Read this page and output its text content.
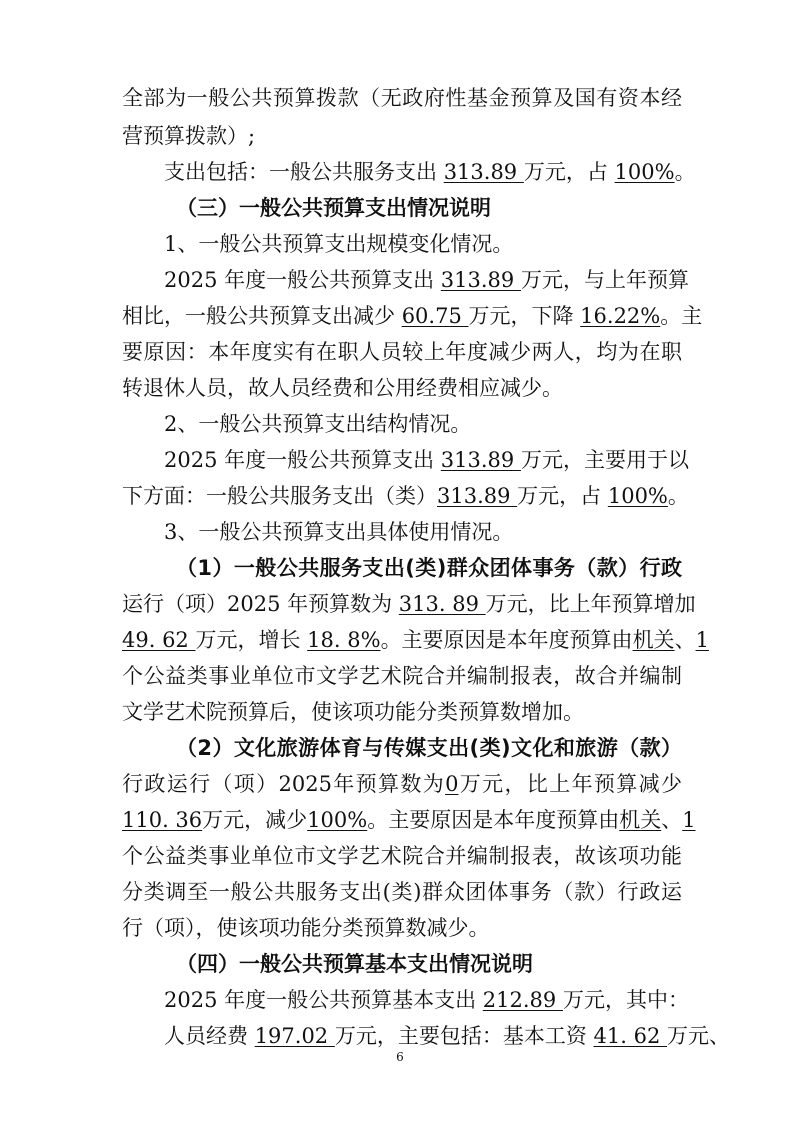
全部为一般公共预算拨款（无政府性基金预算及国有资本经
营预算拨款）;
支出包括：一般公共服务支出 313.89 万元，占 100%。
（三）一般公共预算支出情况说明
1、一般公共预算支出规模变化情况。
2025 年度一般公共预算支出 313.89 万元，与上年预算
相比，一般公共预算支出减少 60.75 万元，下降 16.22%。主
要原因：本年度实有在职人员较上年度减少两人，均为在职
转退休人员，故人员经费和公用经费相应减少。
2、一般公共预算支出结构情况。
2025 年度一般公共预算支出 313.89 万元，主要用于以
下方面：一般公共服务支出（类）313.89 万元，占 100%。
3、一般公共预算支出具体使用情况。
（1）一般公共服务支出(类)群众团体事务（款）行政
运行（项）2025 年预算数为 313. 89 万元，比上年预算增加
49. 62 万元，增长 18. 8%。主要原因是本年度预算由机关、1
个公益类事业单位市文学艺术院合并编制报表，故合并编制
文学艺术院预算后，使该项功能分类预算数增加。
（2）文化旅游体育与传媒支出(类)文化和旅游（款）
行政运行（项）2025年预算数为0万元，比上年预算减少
110. 36万元，减少100%。主要原因是本年度预算由机关、1
个公益类事业单位市文学艺术院合并编制报表，故该项功能
分类调至一般公共服务支出(类)群众团体事务（款）行政运
行（项），使该项功能分类预算数减少。
（四）一般公共预算基本支出情况说明
2025 年度一般公共预算基本支出 212.89 万元，其中：
人员经费 197.02 万元，主要包括：基本工资 41. 62 万元、
6
